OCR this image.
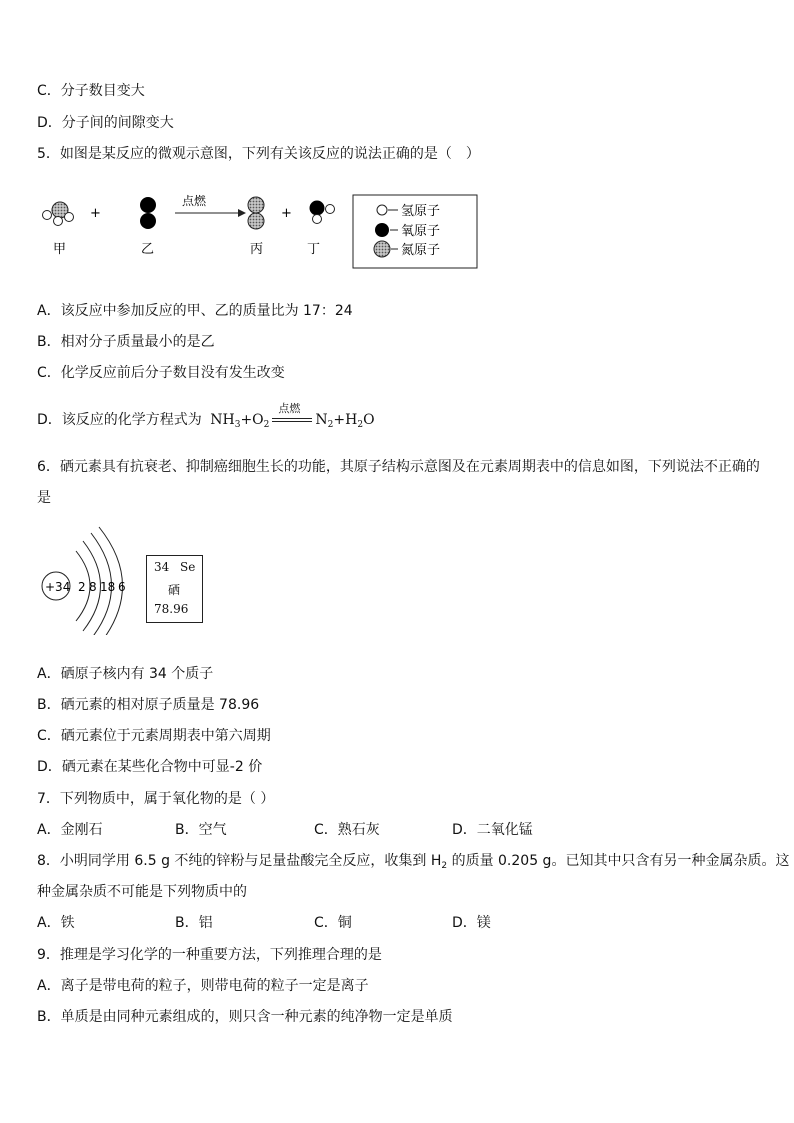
C．分子数目变大
D．分子间的间隙变大
5．如图是某反应的微观示意图，下列有关该反应的说法正确的是（　）
+
点燃
+
甲	乙	丙	丁
氢原子
氧原子
氮原子
A．该反应中参加反应的甲、乙的质量比为 17：24
B．相对分子质量最小的是乙
C．化学反应前后分子数目没有发生改变
D．该反应的化学方程式为 $NH_3+O_2$
点燃
$N_2+H_2O$
6．硒元素具有抗衰老、抑制癌细胞生长的功能，其原子结构示意图及在元素周期表中的信息如图，下列说法不正确的
是
+34 2 8 18 6
34 Se
硒
78.96
A．硒原子核内有 34 个质子
B．硒元素的相对原子质量是 78.96
C．硒元素位于元素周期表中第六周期
D．硒元素在某些化合物中可显-2 价
7．下列物质中，属于氧化物的是（ ）
A．金刚石	B．空气	C．熟石灰	D．二氧化锰
8．小明同学用 6.5 g 不纯的锌粉与足量盐酸完全反应，收集到 $H_2$ 的质量 0.205 g。已知其中只含有另一种金属杂质。这
种金属杂质不可能是下列物质中的
A．铁	B．铝	C．铜	D．镁
9．推理是学习化学的一种重要方法，下列推理合理的是
A．离子是带电荷的粒子，则带电荷的粒子一定是离子
B．单质是由同种元素组成的，则只含一种元素的纯净物一定是单质
